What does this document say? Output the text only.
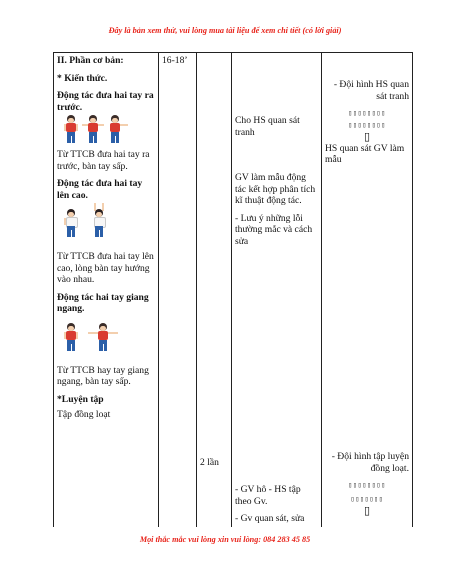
Đây là bản xem thử, vui lòng mua tài liệu để xem chi tiết (có lời giải)

II. Phần cơ bản:

* Kiến thức.

Động tác đưa hai tay ra trước.

Từ TTCB đưa hai tay ra trước, bàn tay sấp.

Động tác đưa hai tay lên cao.

Từ TTCB đưa hai tay lên cao, lòng bàn tay hướng vào nhau.

Động tác hai tay giang ngang.

Từ TTCB hay tay giang ngang, bàn tay sấp.

*Luyện tập

Tập đồng loạt

16-18’
2 lần

Cho HS quan sát tranh

GV làm mẫu động tác kết hợp phân tích kĩ thuật động tác.

- Lưu ý những lỗi thường mắc và cách sửa

- GV hô - HS tập theo Gv.

- Gv quan sát, sửa

- Đội hình HS quan sát tranh

▯▯▯▯▯▯▯▯
▯▯▯▯▯▯▯▯
▯

HS quan sát GV làm mẫu

- Đội hình tập luyện đồng loạt.

▯▯▯▯▯▯▯▯
▯▯▯▯▯▯▯
▯
Mọi thắc mắc vui lòng xin vui lòng: 084 283 45 85
